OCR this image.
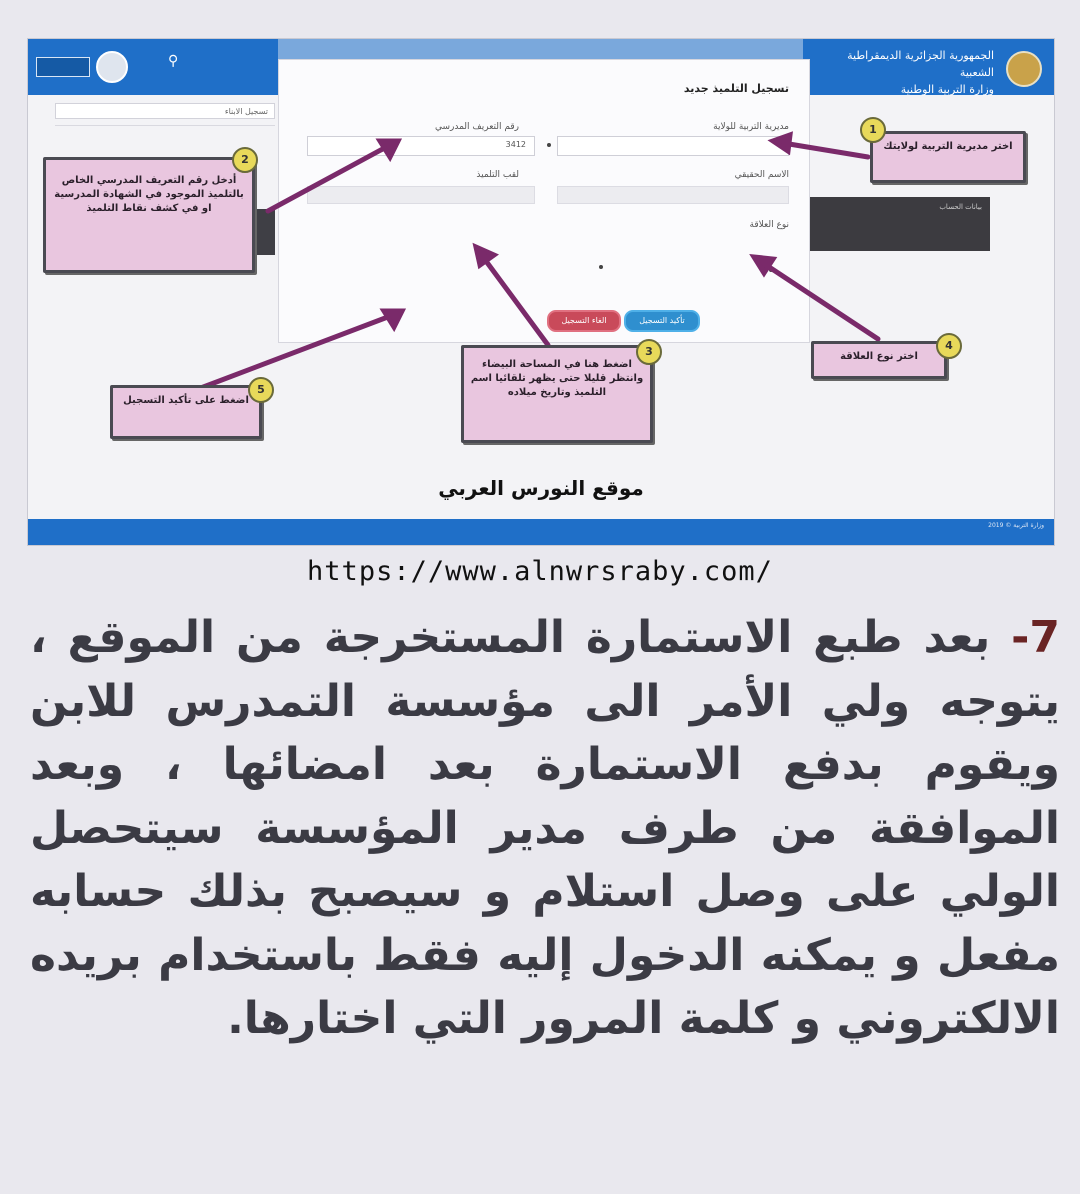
الجمهورية الجزائرية الديمقراطية الشعبية
وزارة التربية الوطنية
⚲
تسجيل الابناء
تسجيل التلميذ جديد
مديرية التربية للولاية
رقم التعريف المدرسي
3412
الاسم الحقيقي
لقب التلميذ
نوع العلاقة
تأكيد التسجيل
الغاء التسجيل
بيانات الحساب
اختر مديرية التربية لولايتك
1
أدخل رقم التعريف المدرسي الخاص بالتلميذ الموجود في الشهادة المدرسية او في كشف نقاط التلميذ
2
اضغط هنا في المساحة البيضاء وانتظر قليلا حتى يظهر تلقائيا اسم التلميذ وتاريخ ميلاده
3	اختر نوع العلاقة
4
اضغط على تأكيد التسجيل
5
موقع النورس العربي
2019 © وزارة التربية
https://www.alnwrsraby.com/
7- بعد طبع الاستمارة المستخرجة من الموقع ، يتوجه ولي الأمر الى مؤسسة التمدرس للابن ويقوم بدفع الاستمارة بعد امضائها ، وبعد الموافقة من طرف مدير المؤسسة سيتحصل الولي على وصل استلام و سيصبح بذلك حسابه مفعل و يمكنه الدخول إليه فقط باستخدام بريده الالكتروني و كلمة المرور التي اختارها.
